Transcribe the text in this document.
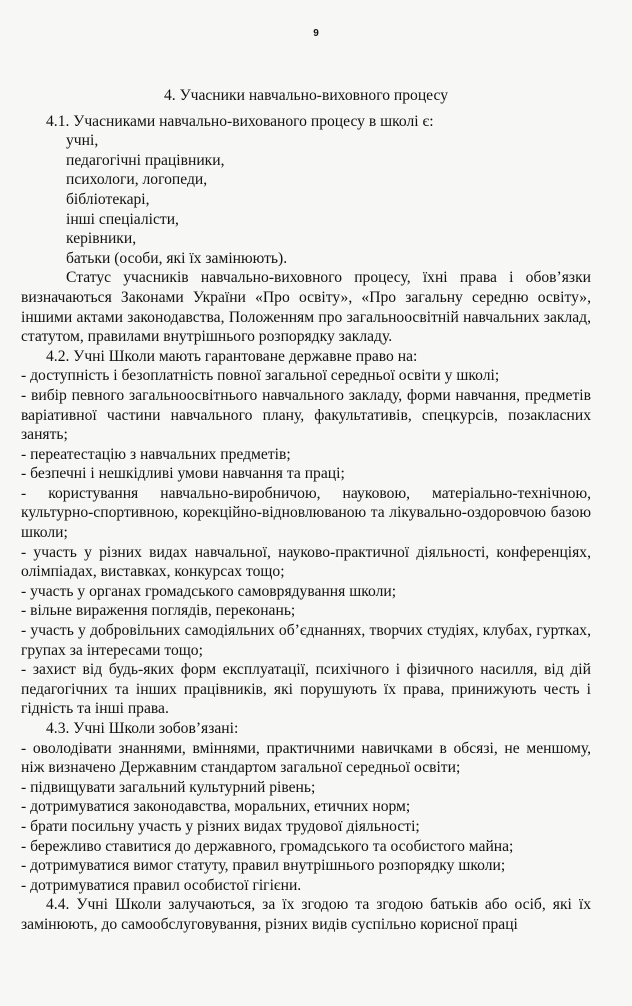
9
4. Учасники навчально-виховного процесу

4.1. Учасниками навчально-вихованого процесу в школі є:

учні,
педагогічні працівники,
психологи, логопеди,
бібліотекарі,
інші спеціалісти,
керівники,
батьки (особи, які їх замінюють).

Статус учасників навчально-виховного процесу, їхні права і обов’язки визначаються Законами України «Про освіту», «Про загальну середню освіту», іншими актами законодавства, Положенням про загальноосвітній навчальних заклад, статутом, правилами внутрішнього розпорядку закладу.

4.2. Учні Школи мають гарантоване державне право на:

- доступність і безоплатність повної загальної середньої освіти у школі;

- вибір певного загальноосвітнього навчального закладу, форми навчання, предметів варіативної частини навчального плану, факультативів, спецкурсів, позакласних занять;

- переатестацію з навчальних предметів;

- безпечні і нешкідливі умови навчання та праці;

- користування навчально-виробничою, науковою, матеріально-технічною, культурно-спортивною, корекційно-відновлюваною та лікувально-оздоровчою базою школи;

- участь у різних видах навчальної, науково-практичної діяльності, конференціях, олімпіадах, виставках, конкурсах тощо;

- участь у органах громадського самоврядування школи;

- вільне вираження поглядів, переконань;

- участь у добровільних самодіяльних об’єднаннях, творчих студіях, клубах, гуртках, групах за інтересами тощо;

- захист від будь-яких форм експлуатації, психічного і фізичного насилля, від дій педагогічних та інших працівників, які порушують їх права, принижують честь і гідність та інші права.

4.3. Учні Школи зобов’язані:

- оволодівати знаннями, вміннями, практичними навичками в обсязі, не меншому, ніж визначено Державним стандартом загальної середньої освіти;

- підвищувати загальний культурний рівень;

- дотримуватися законодавства, моральних, етичних норм;

- брати посильну участь у різних видах трудової діяльності;

- бережливо ставитися до державного, громадського та особистого майна;

- дотримуватися вимог статуту, правил внутрішнього розпорядку школи;

- дотримуватися правил особистої гігієни.

4.4. Учні Школи залучаються, за їх згодою та згодою батьків або осіб, які їх замінюють, до самообслуговування, різних видів суспільно корисної праці
